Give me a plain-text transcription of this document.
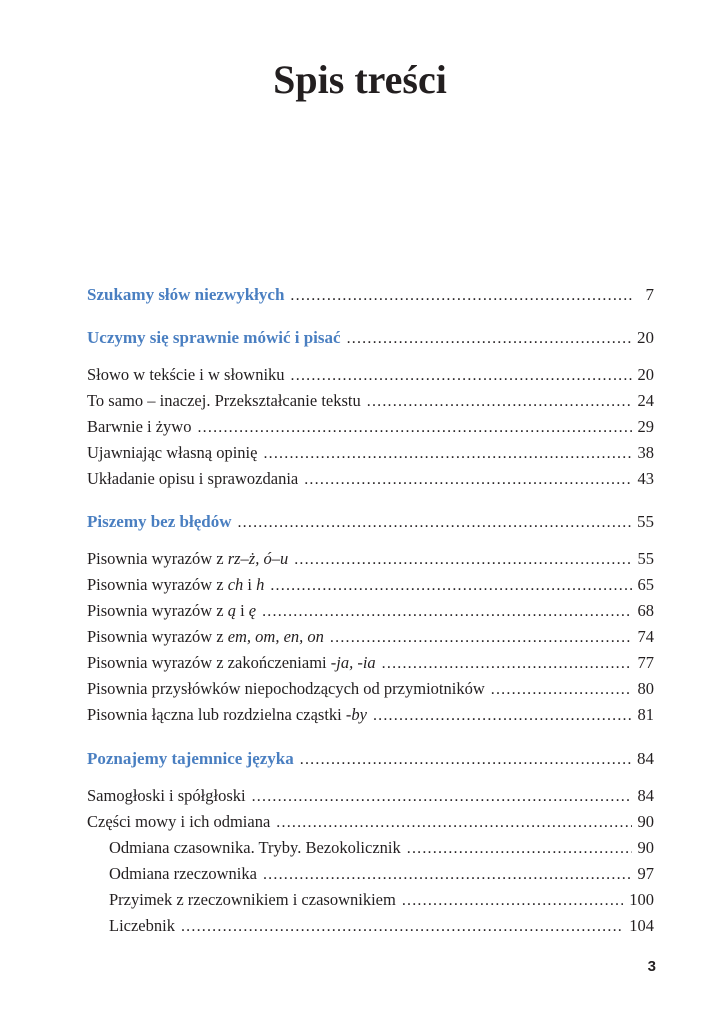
Spis treści
Szukamy słów niezwykłych . . .	7
Uczymy się sprawnie mówić i pisać . . .	20
Słowo w tekście i w słowniku . . .	20
To samo – inaczej. Przekształcanie tekstu . . .	24
Barwnie i żywo . . .	29
Ujawniając własną opinię . . .	38
Układanie opisu i sprawozdania . . .	43
Piszemy bez błędów . . .	55
Pisownia wyrazów z rz–ż, ó–u . . .	55
Pisownia wyrazów z ch i h . . .	65
Pisownia wyrazów z ą i ę . . .	68
Pisownia wyrazów z em, om, en, on . . .	74
Pisownia wyrazów z zakończeniami -ja, -ia . . .	77
Pisownia przysłówków niepochodzących od przymiotników . . .	80
Pisownia łączna lub rozdzielna cząstki -by . . .	81
Poznajemy tajemnice języka . . .	84
Samogłoski i spółgłoski . . .	84
Części mowy i ich odmiana . . .	90
Odmiana czasownika. Tryby. Bezokolicznik . . .	90
Odmiana rzeczownika . . .	97
Przyimek z rzeczownikiem i czasownikiem . . .	100
Liczebnik . . .	104
3
